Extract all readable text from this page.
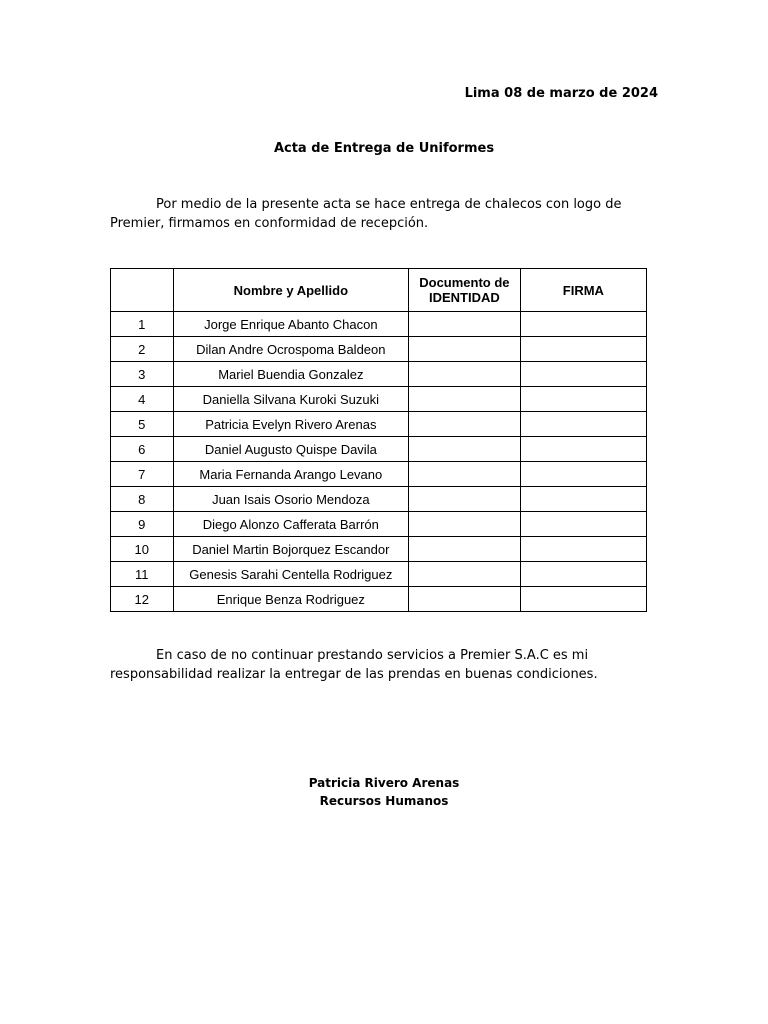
Lima 08 de marzo de 2024
Acta de Entrega de Uniformes
Por medio de la presente acta se hace entrega de chalecos con logo de Premier, firmamos en conformidad de recepción.
	Nombre y Apellido	Documento de IDENTIDAD	FIRMA
1	Jorge Enrique Abanto Chacon		
2	Dilan Andre Ocrospoma Baldeon		
3	Mariel Buendia Gonzalez		
4	Daniella Silvana Kuroki Suzuki		
5	Patricia Evelyn Rivero Arenas		
6	Daniel Augusto Quispe Davila		
7	Maria Fernanda Arango Levano		
8	Juan Isais Osorio Mendoza		
9	Diego Alonzo Cafferata Barrón		
10	Daniel Martin Bojorquez Escandor		
11	Genesis Sarahi Centella Rodriguez		
12	Enrique Benza Rodriguez		
En caso de no continuar prestando servicios a Premier S.A.C es mi responsabilidad realizar la entregar de las prendas en buenas condiciones.
Patricia Rivero Arenas
Recursos Humanos
